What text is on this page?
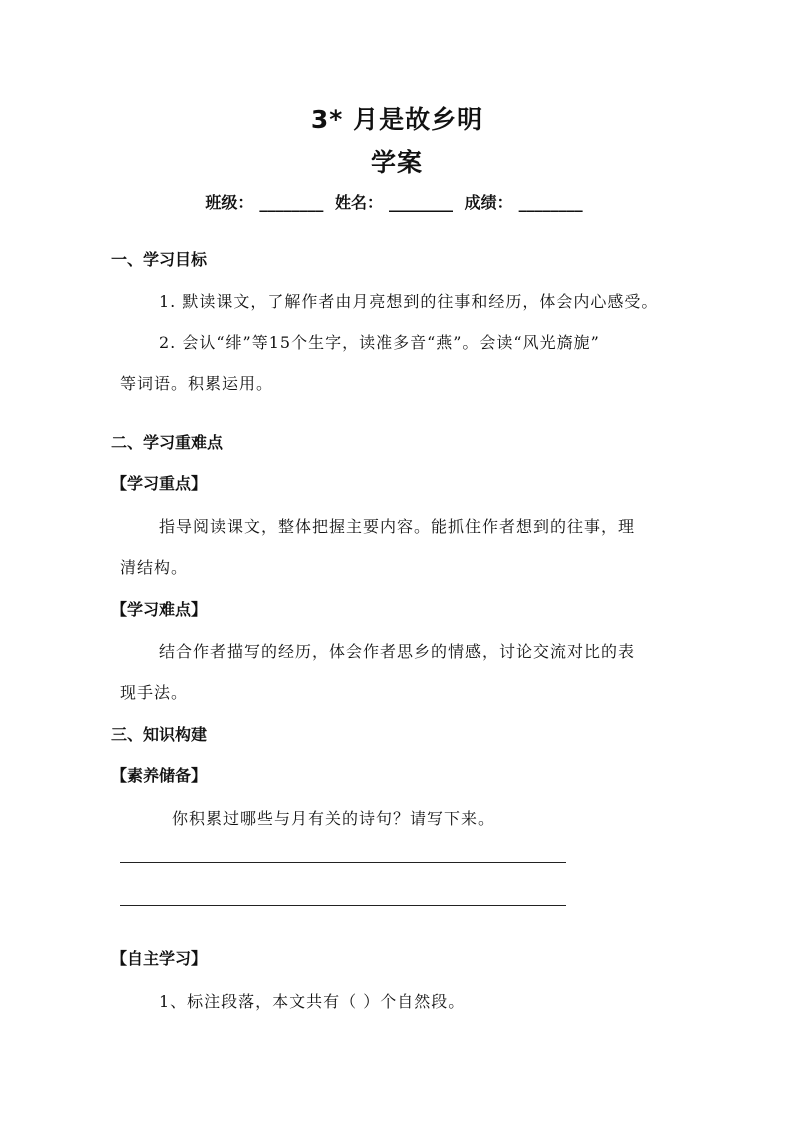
3* 月是故乡明
学案
班级： ________ 姓名： ________ 成绩： ________
一、学习目标
1. 默读课文，了解作者由月亮想到的往事和经历，体会内心感受。
2. 会认“绯”等15个生字，读准多音“燕”。会读“风光旖旎”
等词语。积累运用。
二、学习重难点
【学习重点】
指导阅读课文，整体把握主要内容。能抓住作者想到的往事，理
清结构。
【学习难点】
结合作者描写的经历，体会作者思乡的情感，讨论交流对比的表
现手法。
三、知识构建
【素养储备】
你积累过哪些与月有关的诗句？请写下来。
【自主学习】
1、标注段落，本文共有（ ）个自然段。
